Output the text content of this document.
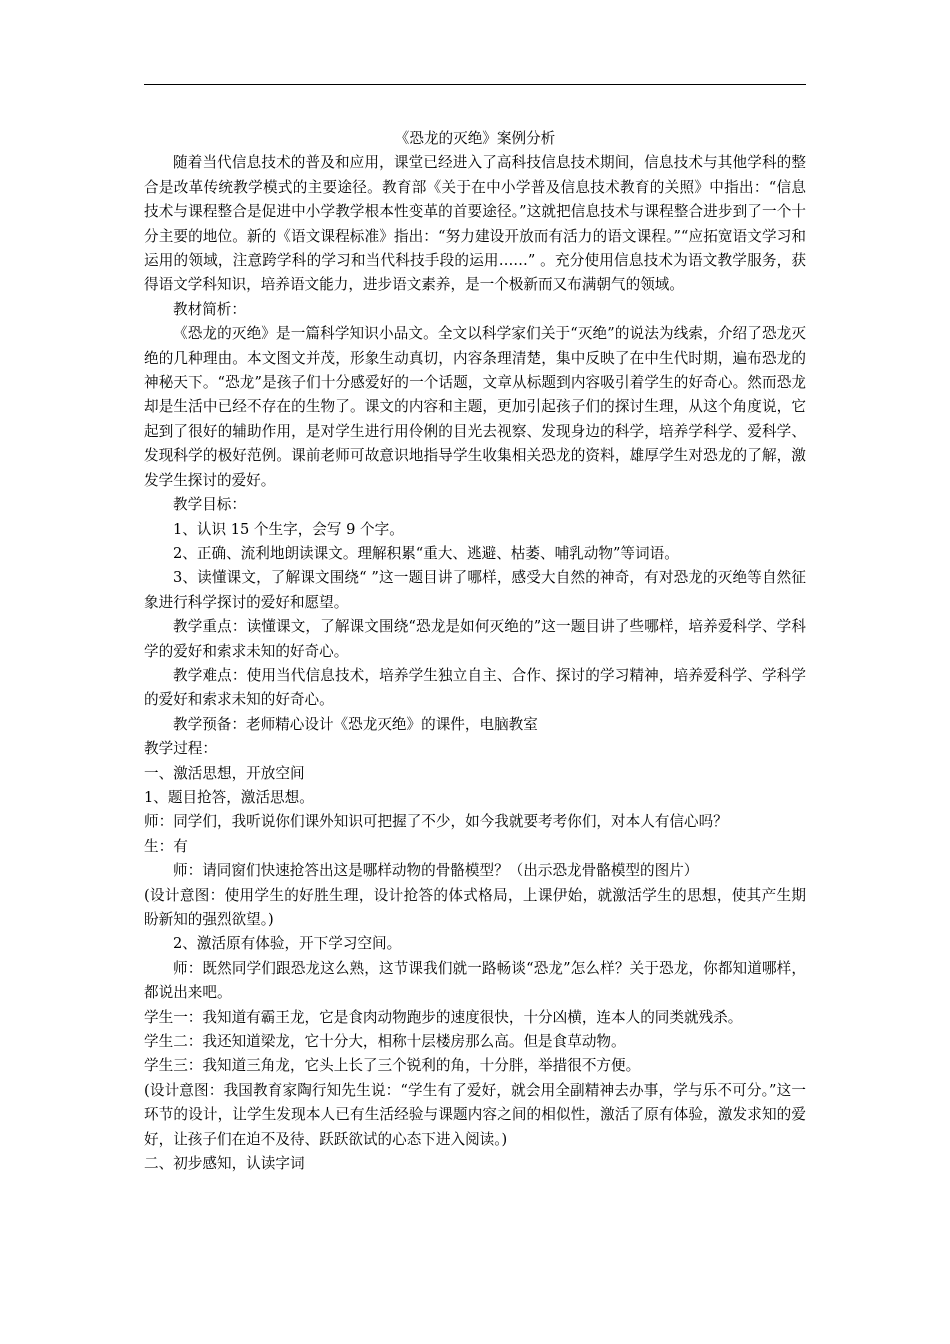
《恐龙的灭绝》案例分析

随着当代信息技术的普及和应用，课堂已经进入了高科技信息技术期间，信息技术与其他学科的整合是改革传统教学模式的主要途径。教育部《关于在中小学普及信息技术教育的关照》中指出：“信息技术与课程整合是促进中小学教学根本性变革的首要途径。”这就把信息技术与课程整合进步到了一个十分主要的地位。新的《语文课程标准》指出：“努力建设开放而有活力的语文课程。”“应拓宽语文学习和运用的领域，注意跨学科的学习和当代科技手段的运用……” 。充分使用信息技术为语文教学服务，获得语文学科知识，培养语文能力，进步语文素养，是一个极新而又布满朝气的领域。

教材简析：

《恐龙的灭绝》是一篇科学知识小品文。全文以科学家们关于“灭绝”的说法为线索，介绍了恐龙灭绝的几种理由。本文图文并茂，形象生动真切，内容条理清楚，集中反映了在中生代时期，遍布恐龙的神秘天下。“恐龙”是孩子们十分感爱好的一个话题，文章从标题到内容吸引着学生的好奇心。然而恐龙却是生活中已经不存在的生物了。课文的内容和主题，更加引起孩子们的探讨生理，从这个角度说，它起到了很好的辅助作用，是对学生进行用伶俐的目光去视察、发现身边的科学，培养学科学、爱科学、发现科学的极好范例。课前老师可故意识地指导学生收集相关恐龙的资料，雄厚学生对恐龙的了解，激发学生探讨的爱好。

教学目标：

1、认识 15 个生字，会写 9 个字。

2、正确、流利地朗读课文。理解积累“重大、逃避、枯萎、哺乳动物”等词语。

3、读懂课文，了解课文围绕“ ”这一题目讲了哪样，感受大自然的神奇，有对恐龙的灭绝等自然征象进行科学探讨的爱好和愿望。

教学重点：读懂课文，了解课文围绕“恐龙是如何灭绝的”这一题目讲了些哪样，培养爱科学、学科学的爱好和索求未知的好奇心。

教学难点：使用当代信息技术，培养学生独立自主、合作、探讨的学习精神，培养爱科学、学科学的爱好和索求未知的好奇心。

教学预备：老师精心设计《恐龙灭绝》的课件，电脑教室

教学过程：

一、激活思想，开放空间

1、题目抢答，激活思想。

师：同学们，我听说你们课外知识可把握了不少，如今我就要考考你们，对本人有信心吗？

生：有

师：请同窗们快速抢答出这是哪样动物的骨骼模型？（出示恐龙骨骼模型的图片）

(设计意图：使用学生的好胜生理，设计抢答的体式格局，上课伊始，就激活学生的思想，使其产生期盼新知的强烈欲望。)

2、激活原有体验，开下学习空间。

师：既然同学们跟恐龙这么熟，这节课我们就一路畅谈“恐龙”怎么样？关于恐龙，你都知道哪样，都说出来吧。

学生一：我知道有霸王龙，它是食肉动物跑步的速度很快，十分凶横，连本人的同类就残杀。

学生二：我还知道梁龙，它十分大，相称十层楼房那么高。但是食草动物。

学生三：我知道三角龙，它头上长了三个锐利的角，十分胖，举措很不方便。

(设计意图：我国教育家陶行知先生说：“学生有了爱好，就会用全副精神去办事，学与乐不可分。”这一环节的设计，让学生发现本人已有生活经验与课题内容之间的相似性，激活了原有体验，激发求知的爱好，让孩子们在迫不及待、跃跃欲试的心态下进入阅读。)

二、初步感知，认读字词
